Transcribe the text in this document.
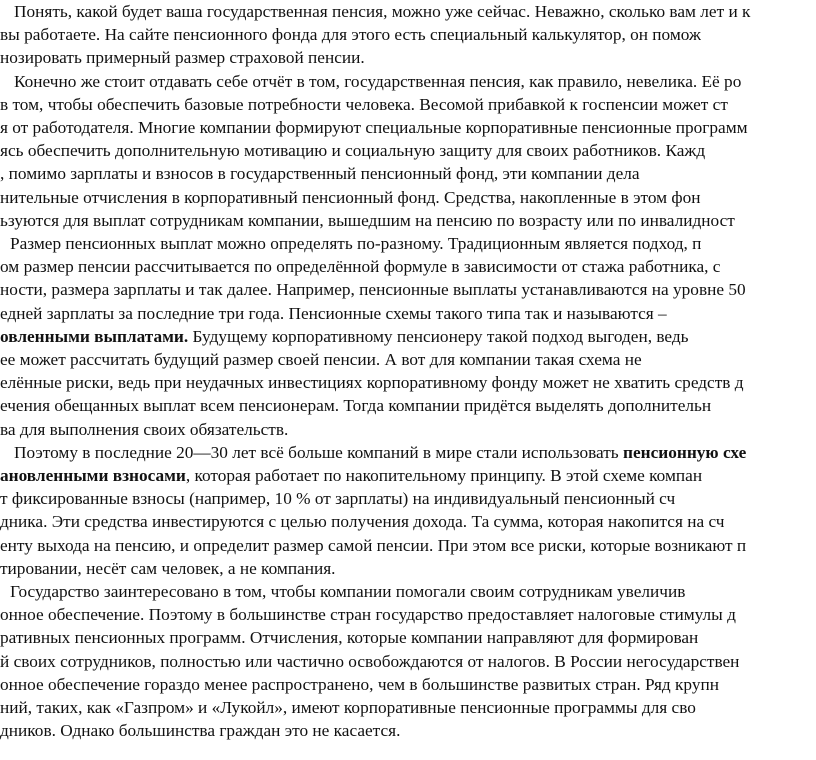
Понять, какой будет ваша государственная пенсия, можно уже сейчас. Неважно, сколько вам лет и к
вы работаете. На сайте пенсионного фонда для этого есть специальный калькулятор, он помож
нозировать примерный размер страховой пенсии.
Конечно же стоит отдавать себе отчёт в том, государственная пенсия, как правило, невелика. Её ро
в том, чтобы обеспечить базовые потребности человека. Весомой прибавкой к госпенсии может ст
я от работодателя. Многие компании формируют специальные корпоративные пенсионные программ
ясь обеспечить дополнительную мотивацию и социальную защиту для своих работников. Кажд
, помимо зарплаты и взносов в государственный пенсионный фонд, эти компании дела
нительные отчисления в корпоративный пенсионный фонд. Средства, накопленные в этом фон
ьзуются для выплат сотрудникам компании, вышедшим на пенсию по возрасту или по инвалидност
Размер пенсионных выплат можно определять по-разному. Традиционным является подход, п
ом размер пенсии рассчитывается по определённой формуле в зависимости от стажа работника, с
ности, размера зарплаты и так далее. Например, пенсионные выплаты устанавливаются на уровне 50
едней зарплаты за последние три года. Пенсионные схемы такого типа так и называются –
овленными выплатами. Будущему корпоративному пенсионеру такой подход выгоден, ведь
ее может рассчитать будущий размер своей пенсии. А вот для компании такая схема не
елённые риски, ведь при неудачных инвестициях корпоративному фонду может не хватить средств д
ечения обещанных выплат всем пенсионерам. Тогда компании придётся выделять дополнительн
ва для выполнения своих обязательств.
Поэтому в последние 20—30 лет всё больше компаний в мире стали использовать пенсионную схе
ановленными взносами, которая работает по накопительному принципу. В этой схеме компан
т фиксированные взносы (например, 10 % от зарплаты) на индивидуальный пенсионный сч
дника. Эти средства инвестируются с целью получения дохода. Та сумма, которая накопится на сч
енту выхода на пенсию, и определит размер самой пенсии. При этом все риски, которые возникают п
тировании, несёт сам человек, а не компания.
Государство заинтересовано в том, чтобы компании помогали своим сотрудникам увеличив
онное обеспечение. Поэтому в большинстве стран государство предоставляет налоговые стимулы д
ративных пенсионных программ. Отчисления, которые компании направляют для формирован
й своих сотрудников, полностью или частично освобождаются от налогов. В России негосударствен
онное обеспечение гораздо менее распространено, чем в большинстве развитых стран. Ряд крупн
ний, таких, как «Газпром» и «Лукойл», имеют корпоративные пенсионные программы для сво
дников. Однако большинства граждан это не касается.
